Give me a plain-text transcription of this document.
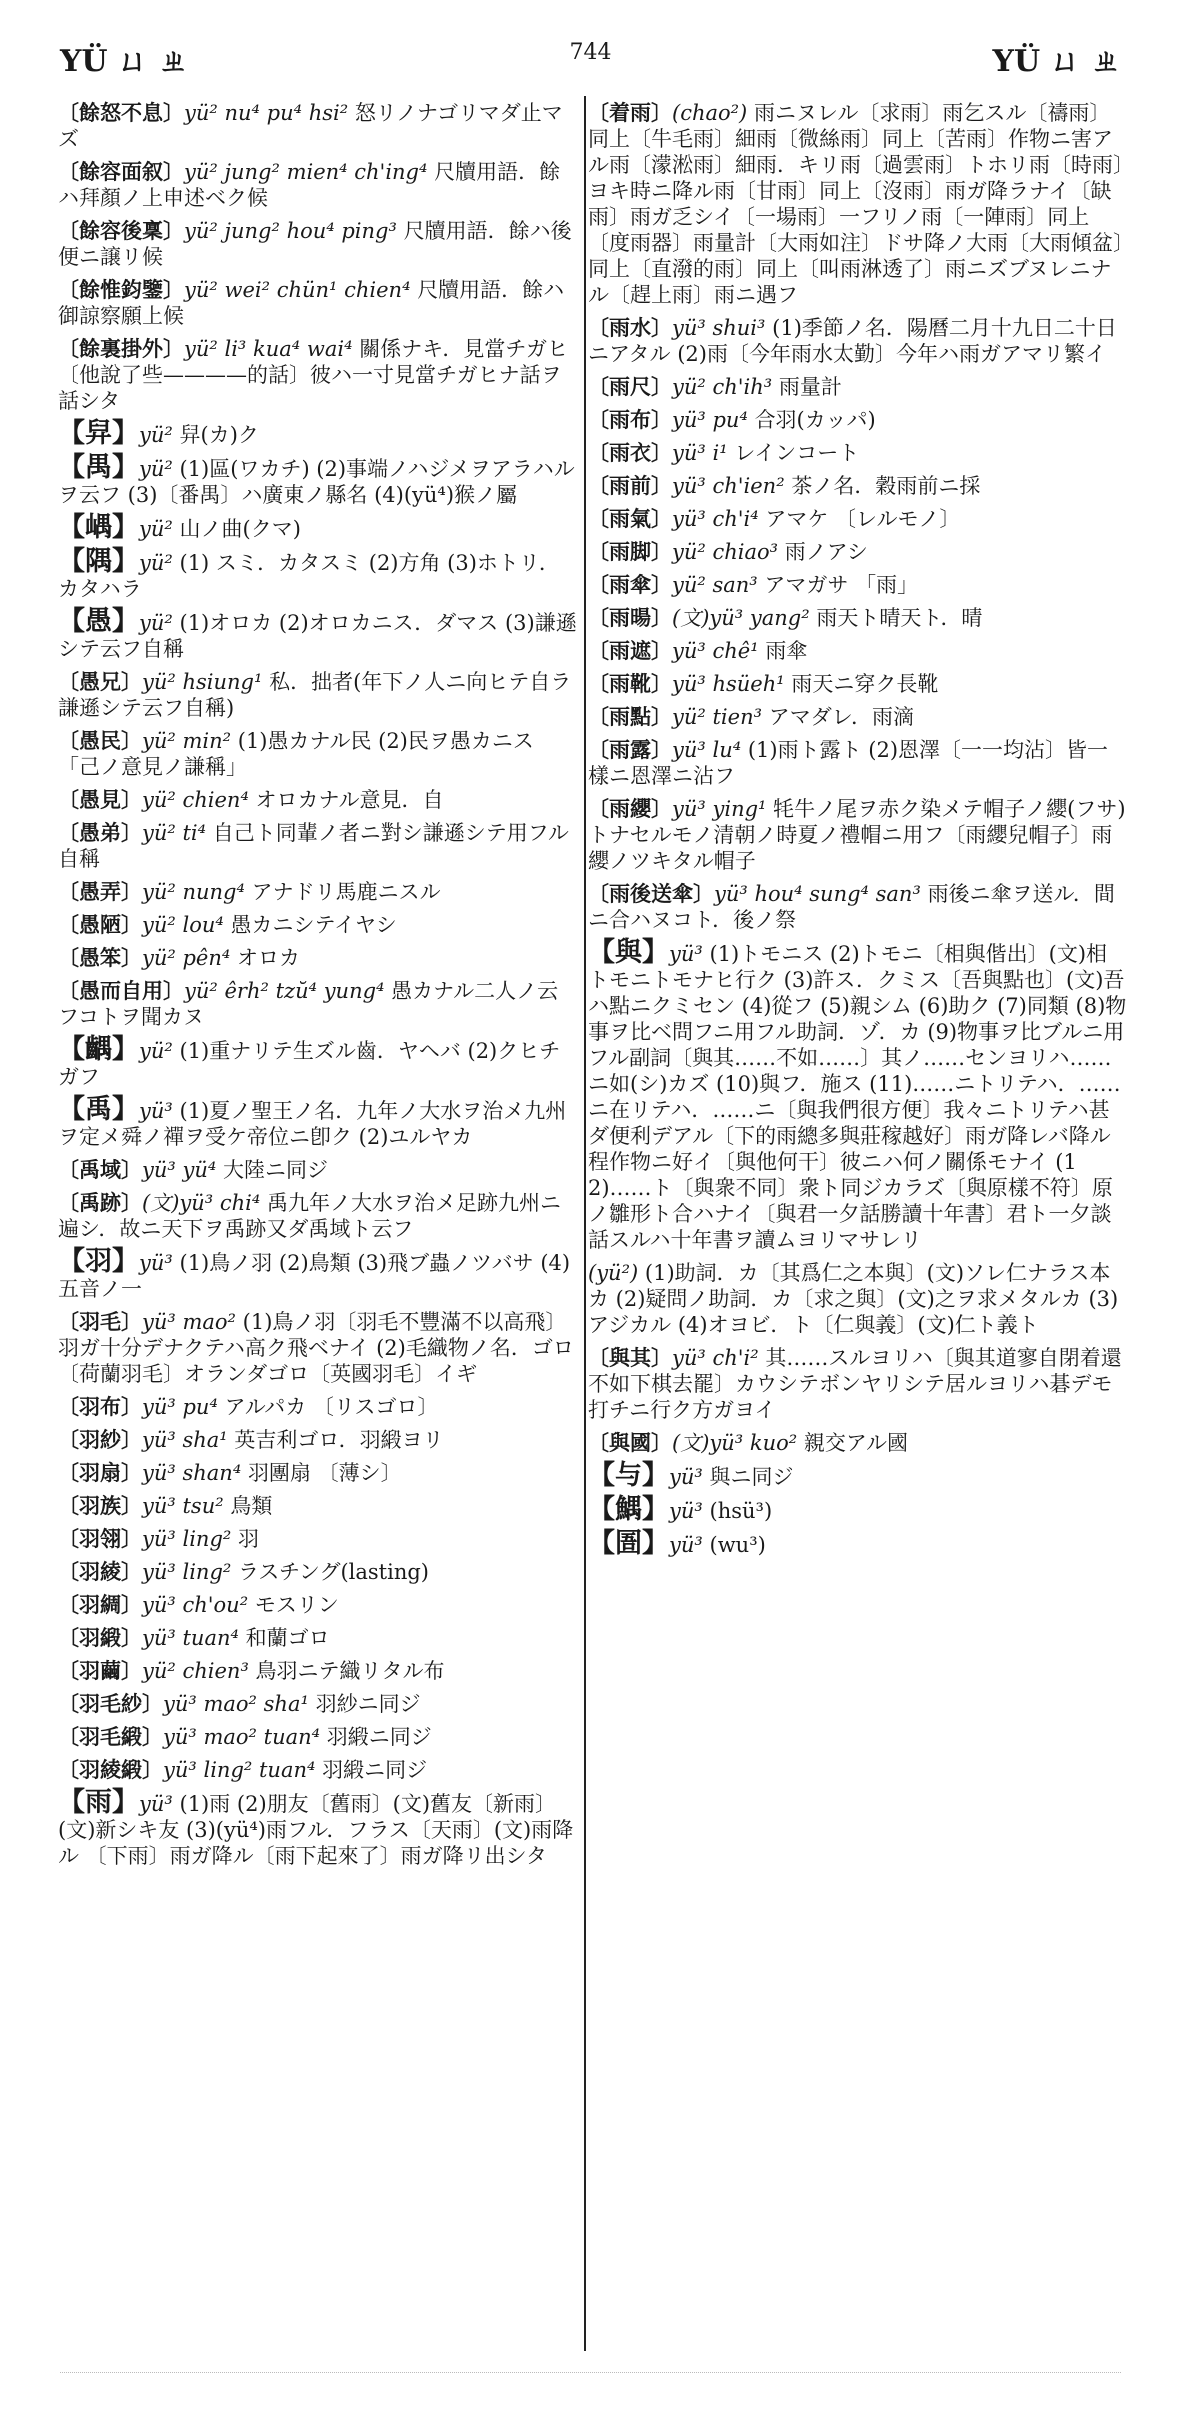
YÜ ㄩ ㄓ	744	YÜ ㄩ ㄓ
〔餘怒不息〕yü² nu⁴ pu⁴ hsi² 怒リノナゴリマダ止マズ
〔餘容面叙〕yü² jung² mien⁴ ch'ing⁴ 尺牘用語．餘ハ拜顏ノ上申述ベク候
〔餘容後稟〕yü² jung² hou⁴ ping³ 尺牘用語．餘ハ後便ニ譲リ候
〔餘惟鈞鑒〕yü² wei² chün¹ chien⁴ 尺牘用語．餘ハ御諒察願上候
〔餘裏掛外〕yü² li³ kua⁴ wai⁴ 關係ナキ．見當チガヒ〔他說了些————的話〕彼ハ一寸見當チガヒナ話ヲ話シタ
【舁】yü² 舁(カ)ク
【禺】yü² (1)區(ワカチ) (2)事端ノハジメヲアラハルヲ云フ (3)〔番禺〕ハ廣東ノ縣名 (4)(yü⁴)猴ノ屬
【嵎】yü² 山ノ曲(クマ)
【隅】yü² (1) スミ．カタスミ (2)方角 (3)ホトリ．カタハラ
【愚】yü² (1)オロカ (2)オロカニス．ダマス (3)謙遜シテ云フ自稱
〔愚兄〕yü² hsiung¹ 私．拙者(年下ノ人ニ向ヒテ自ラ謙遜シテ云フ自稱)
〔愚民〕yü² min² (1)愚カナル民 (2)民ヲ愚カニス 「己ノ意見ノ謙稱」
〔愚見〕yü² chien⁴ オロカナル意見．自
〔愚弟〕yü² ti⁴ 自己ト同輩ノ者ニ對シ謙遜シテ用フル自稱
〔愚弄〕yü² nung⁴ アナドリ馬鹿ニスル
〔愚陋〕yü² lou⁴ 愚カニシテイヤシ
〔愚笨〕yü² pên⁴ オロカ
〔愚而自用〕yü² êrh² tzŭ⁴ yung⁴ 愚カナル二人ノ云フコトヲ聞カヌ
【齵】yü² (1)重ナリテ生ズル齒．ヤヘバ (2)クヒチガフ
【禹】yü³ (1)夏ノ聖王ノ名．九年ノ大水ヲ治メ九州ヲ定メ舜ノ禪ヲ受ケ帝位ニ卽ク (2)ユルヤカ
〔禹域〕yü³ yü⁴ 大陸ニ同ジ
〔禹跡〕(文)yü³ chi⁴ 禹九年ノ大水ヲ治メ足跡九州ニ遍シ．故ニ天下ヲ禹跡又ダ禹域ト云フ
【羽】yü³ (1)鳥ノ羽 (2)鳥類 (3)飛ブ蟲ノツバサ (4) 五音ノ一
〔羽毛〕yü³ mao² (1)鳥ノ羽〔羽毛不豐滿不以高飛〕羽ガ十分デナクテハ高ク飛ベナイ (2)毛織物ノ名．ゴロ〔荷蘭羽毛〕オランダゴロ〔英國羽毛〕イギ
〔羽布〕yü³ pu⁴ アルパカ 〔リスゴロ〕
〔羽紗〕yü³ sha¹ 英吉利ゴロ．羽緞ヨリ
〔羽扇〕yü³ shan⁴ 羽團扇 〔薄シ〕
〔羽族〕yü³ tsu² 鳥類
〔羽翎〕yü³ ling² 羽
〔羽綾〕yü³ ling² ラスチング(lasting)
〔羽綢〕yü³ ch'ou² モスリン
〔羽緞〕yü³ tuan⁴ 和蘭ゴロ
〔羽繭〕yü² chien³ 鳥羽ニテ織リタル布
〔羽毛紗〕yü³ mao² sha¹ 羽紗ニ同ジ
〔羽毛緞〕yü³ mao² tuan⁴ 羽緞ニ同ジ
〔羽綾緞〕yü³ ling² tuan⁴ 羽緞ニ同ジ
【雨】yü³ (1)雨 (2)朋友〔舊雨〕(文)舊友〔新雨〕(文)新シキ友 (3)(yü⁴)雨フル．フラス〔天雨〕(文)雨降ル 〔下雨〕雨ガ降ル〔雨下起來了〕雨ガ降リ出シタ
〔着雨〕(chao²) 雨ニヌレル〔求雨〕雨乞スル〔禱雨〕同上〔牛毛雨〕細雨〔微絲雨〕同上〔苦雨〕作物ニ害アル雨〔濛淞雨〕細雨．キリ雨〔過雲雨〕トホリ雨〔時雨〕ヨキ時ニ降ル雨〔甘雨〕同上〔沒雨〕雨ガ降ラナイ〔缺雨〕雨ガ乏シイ〔一場雨〕一フリノ雨〔一陣雨〕同上〔度雨器〕雨量計〔大雨如注〕ドサ降ノ大雨〔大雨傾盆〕同上〔直潑的雨〕同上〔叫雨淋透了〕雨ニズブヌレニナル〔趕上雨〕雨ニ遇フ
〔雨水〕yü³ shui³ (1)季節ノ名．陽曆二月十九日二十日ニアタル (2)雨〔今年雨水太勤〕今年ハ雨ガアマリ繁イ
〔雨尺〕yü² ch'ih³ 雨量計
〔雨布〕yü³ pu⁴ 合羽(カッパ)
〔雨衣〕yü³ i¹ レインコート
〔雨前〕yü³ ch'ien² 茶ノ名．穀雨前ニ採
〔雨氣〕yü³ ch'i⁴ アマケ 〔レルモノ〕
〔雨脚〕yü² chiao³ 雨ノアシ
〔雨傘〕yü² san³ アマガサ 「雨」
〔雨暘〕(文)yü³ yang² 雨天ト晴天ト．晴
〔雨遮〕yü³ chê¹ 雨傘
〔雨靴〕yü³ hsüeh¹ 雨天ニ穿ク長靴
〔雨點〕yü² tien³ アマダレ．雨滴
〔雨露〕yü³ lu⁴ (1)雨ト露ト (2)恩澤〔一一均沾〕皆一樣ニ恩澤ニ沾フ
〔雨纓〕yü³ ying¹ 牦牛ノ尾ヲ赤ク染メテ帽子ノ纓(フサ)トナセルモノ清朝ノ時夏ノ禮帽ニ用フ〔雨纓兒帽子〕雨纓ノツキタル帽子
〔雨後送傘〕yü³ hou⁴ sung⁴ san³ 雨後ニ傘ヲ送ル．間ニ合ハヌコト．後ノ祭
【與】yü³ (1)トモニス (2)トモニ〔相與偕出〕(文)相トモニトモナヒ行ク (3)許ス．クミス〔吾與點也〕(文)吾ハ點ニクミセン (4)從フ (5)親シム (6)助ク (7)同類 (8)物事ヲ比ベ問フニ用フル助詞．ゾ．カ (9)物事ヲ比ブルニ用フル副詞〔與其……不如……〕其ノ……センヨリハ……ニ如(シ)カズ (10)與フ．施ス (11)……ニトリテハ．……ニ在リテハ．……ニ〔與我們很方便〕我々ニトリテハ甚ダ便利デアル〔下的雨總多與莊稼越好〕雨ガ降レバ降ル程作物ニ好イ〔與他何干〕彼ニハ何ノ關係モナイ (12)……ト〔與衆不同〕衆ト同ジカラズ〔與原樣不符〕原ノ雛形ト合ハナイ〔與君一夕話勝讀十年書〕君ト一夕談話スルハ十年書ヲ讀ムヨリマサレリ
(yü²) (1)助詞．カ〔其爲仁之本與〕(文)ソレ仁ナラス本カ (2)疑問ノ助詞．カ〔求之與〕(文)之ヲ求メタルカ (3)アジカル (4)オヨビ．ト〔仁與義〕(文)仁ト義ト
〔與其〕yü³ ch'i² 其……スルヨリハ〔與其道寥自閉着還不如下棋去罷〕カウシテボンヤリシテ居ルヨリハ碁デモ打チニ行ク方ガヨイ
〔與國〕(文)yü³ kuo² 親交アル國
【与】yü³ 與ニ同ジ
【鰅】yü³ (hsü³)
【圄】yü³ (wu³)
